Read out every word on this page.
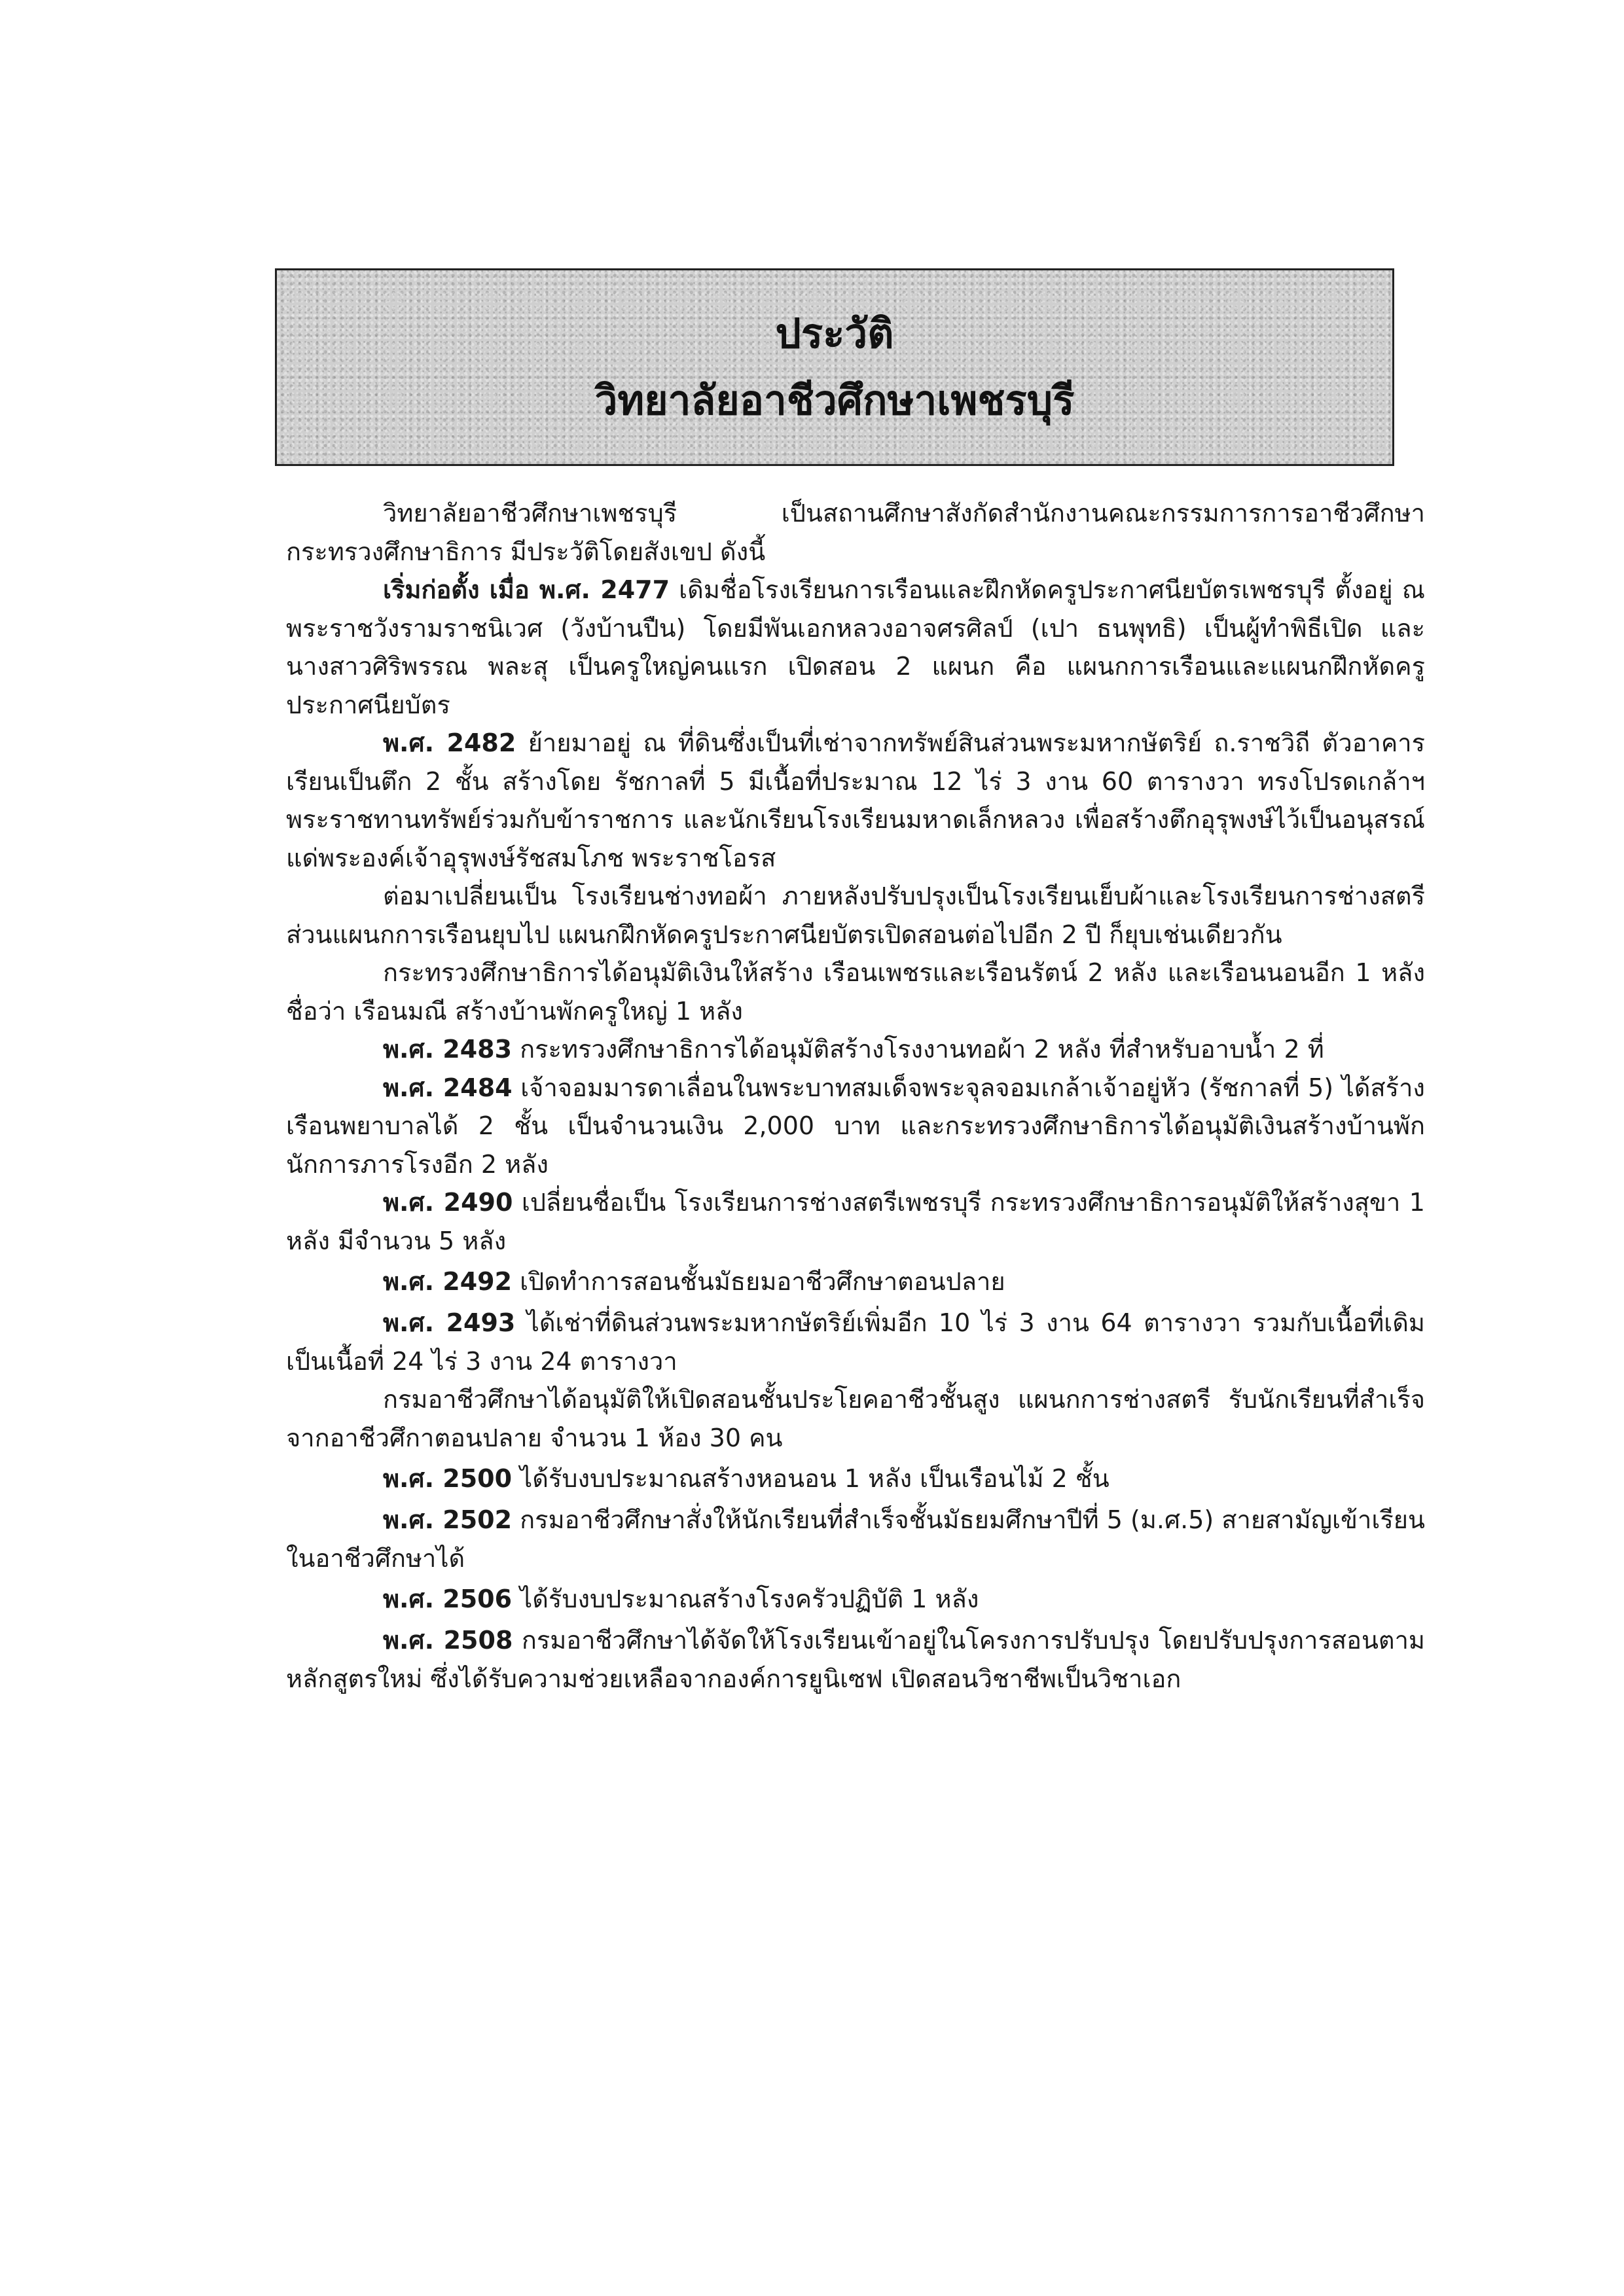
ประวัติ
วิทยาลัยอาชีวศึกษาเพชรบุรี

วิทยาลัยอาชีวศึกษาเพชรบุรี เป็นสถานศึกษาสังกัดสำนักงานคณะกรรมการการอาชีวศึกษา กระทรวงศึกษาธิการ มีประวัติโดยสังเขป ดังนี้

เริ่มก่อตั้ง เมื่อ พ.ศ. 2477 เดิมชื่อโรงเรียนการเรือนและฝึกหัดครูประกาศนียบัตรเพชรบุรี ตั้งอยู่ ณ พระราชวังรามราชนิเวศ (วังบ้านปืน) โดยมีพันเอกหลวงอาจศรศิลป์ (เปา ธนพุทธิ) เป็นผู้ทำพิธีเปิด และนางสาวศิริพรรณ พละสุ เป็นครูใหญ่คนแรก เปิดสอน 2 แผนก คือ แผนกการเรือนและแผนกฝึกหัดครูประกาศนียบัตร

พ.ศ. 2482 ย้ายมาอยู่ ณ ที่ดินซึ่งเป็นที่เช่าจากทรัพย์สินส่วนพระมหากษัตริย์ ถ.ราชวิถี ตัวอาคารเรียนเป็นตึก 2 ชั้น สร้างโดย รัชกาลที่ 5 มีเนื้อที่ประมาณ 12 ไร่ 3 งาน 60 ตารางวา ทรงโปรดเกล้าฯ พระราชทานทรัพย์ร่วมกับข้าราชการ และนักเรียนโรงเรียนมหาดเล็กหลวง เพื่อสร้างตึกอุรุพงษ์ไว้เป็นอนุสรณ์ แด่พระองค์เจ้าอุรุพงษ์รัชสมโภช พระราชโอรส

ต่อมาเปลี่ยนเป็น โรงเรียนช่างทอผ้า ภายหลังปรับปรุงเป็นโรงเรียนเย็บผ้าและโรงเรียนการช่างสตรี ส่วนแผนกการเรือนยุบไป แผนกฝึกหัดครูประกาศนียบัตรเปิดสอนต่อไปอีก 2 ปี ก็ยุบเช่นเดียวกัน

กระทรวงศึกษาธิการได้อนุมัติเงินให้สร้าง เรือนเพชรและเรือนรัตน์ 2 หลัง และเรือนนอนอีก 1 หลัง ชื่อว่า เรือนมณี สร้างบ้านพักครูใหญ่ 1 หลัง

พ.ศ. 2483 กระทรวงศึกษาธิการได้อนุมัติสร้างโรงงานทอผ้า 2 หลัง ที่สำหรับอาบน้ำ 2 ที่

พ.ศ. 2484 เจ้าจอมมารดาเลื่อนในพระบาทสมเด็จพระจุลจอมเกล้าเจ้าอยู่หัว (รัชกาลที่ 5) ได้สร้างเรือนพยาบาลได้ 2 ชั้น เป็นจำนวนเงิน 2,000 บาท และกระทรวงศึกษาธิการได้อนุมัติเงินสร้างบ้านพักนักการภารโรงอีก 2 หลัง

พ.ศ. 2490 เปลี่ยนชื่อเป็น โรงเรียนการช่างสตรีเพชรบุรี กระทรวงศึกษาธิการอนุมัติให้สร้างสุขา 1 หลัง มีจำนวน 5 หลัง

พ.ศ. 2492 เปิดทำการสอนชั้นมัธยมอาชีวศึกษาตอนปลาย

พ.ศ. 2493 ได้เช่าที่ดินส่วนพระมหากษัตริย์เพิ่มอีก 10 ไร่ 3 งาน 64 ตารางวา รวมกับเนื้อที่เดิมเป็นเนื้อที่ 24 ไร่ 3 งาน 24 ตารางวา

กรมอาชีวศึกษาได้อนุมัติให้เปิดสอนชั้นประโยคอาชีวชั้นสูง แผนกการช่างสตรี รับนักเรียนที่สำเร็จจากอาชีวศึกาตอนปลาย จำนวน 1 ห้อง 30 คน

พ.ศ. 2500 ได้รับงบประมาณสร้างหอนอน 1 หลัง เป็นเรือนไม้ 2 ชั้น

พ.ศ. 2502 กรมอาชีวศึกษาสั่งให้นักเรียนที่สำเร็จชั้นมัธยมศึกษาปีที่ 5 (ม.ศ.5) สายสามัญเข้าเรียนในอาชีวศึกษาได้

พ.ศ. 2506 ได้รับงบประมาณสร้างโรงครัวปฏิบัติ 1 หลัง

พ.ศ. 2508 กรมอาชีวศึกษาได้จัดให้โรงเรียนเข้าอยู่ในโครงการปรับปรุง โดยปรับปรุงการสอนตามหลักสูตรใหม่ ซึ่งได้รับความช่วยเหลือจากองค์การยูนิเซฟ เปิดสอนวิชาชีพเป็นวิชาเอก
